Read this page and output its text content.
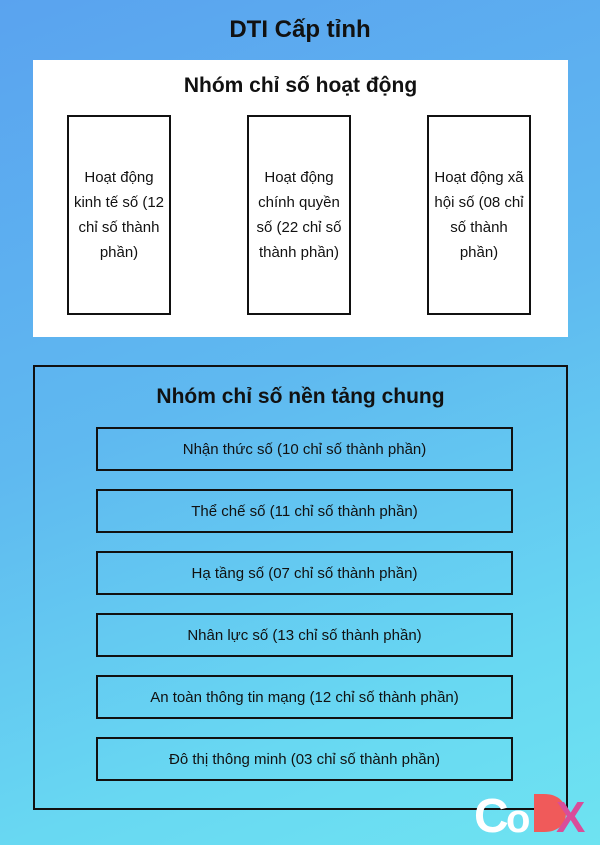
DTI Cấp tỉnh
Nhóm chỉ số hoạt động
Hoạt động kinh tế số (12 chỉ số thành phần)
Hoạt động chính quyền số (22 chỉ số thành phần)
Hoạt động xã hội số (08 chỉ số thành phần)
Nhóm chỉ số nền tảng chung
Nhận thức số (10 chỉ số thành phần)
Thể chế số (11 chỉ số thành phần)
Hạ tầng số (07 chỉ số thành phần)
Nhân lực số (13 chỉ số thành phần)
An toàn thông tin mạng (12 chỉ số thành phần)
Đô thị thông minh (03 chỉ số thành phần)
C
o X
